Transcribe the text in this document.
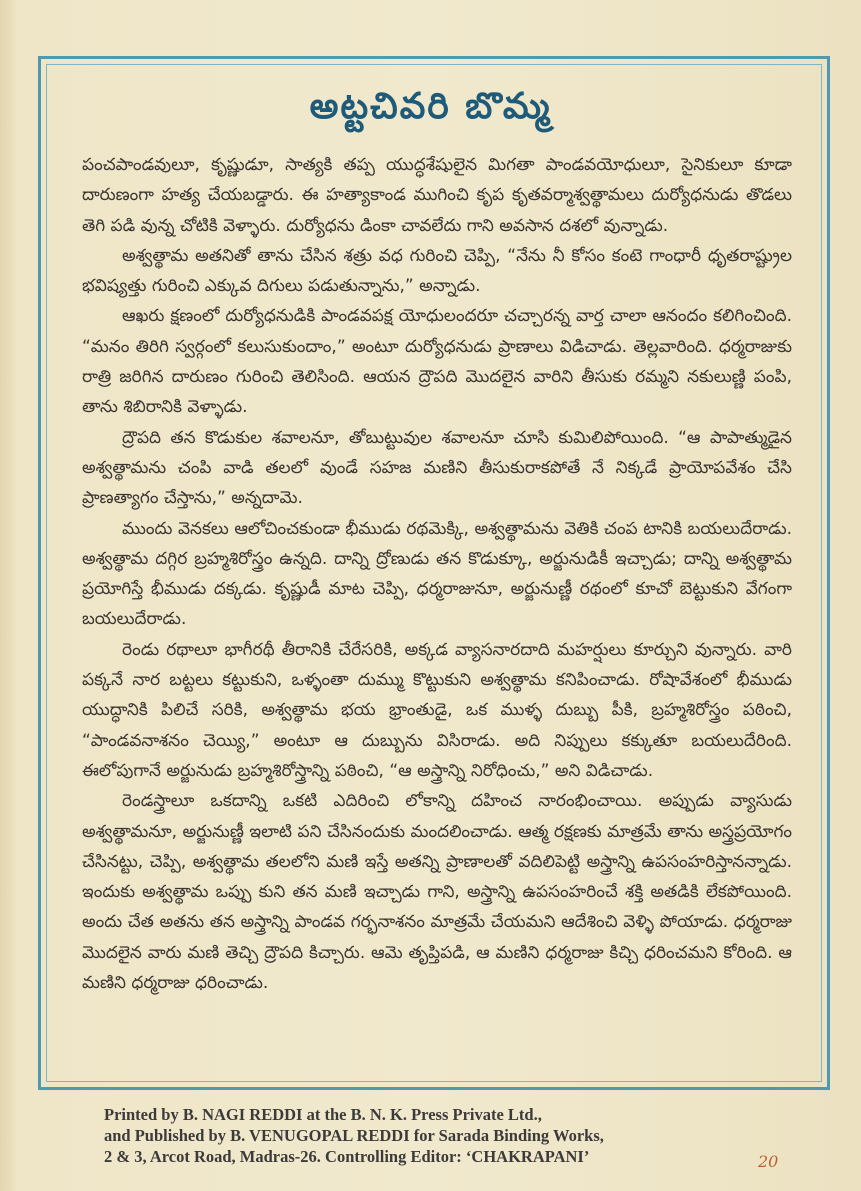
అట్టచివరి బొమ్మ

పంచపాండవులూ, కృష్ణుడూ, సాత్యకి తప్ప యుద్ధశేషులైన మిగతా పాండవయోధులూ, సైనికులూ కూడా దారుణంగా హత్య చేయబడ్డారు. ఈ హత్యాకాండ ముగించి కృప కృతవర్మాశ్వత్థామలు దుర్యోధనుడు తొడలు తెగి పడి వున్న చోటికి వెళ్ళారు. దుర్యోధను డింకా చావలేదు గాని అవసాన దశలో వున్నాడు.

అశ్వత్థామ అతనితో తాను చేసిన శత్రు వధ గురించి చెప్పి, “నేను నీ కోసం కంటె గాంధారీ ధృతరాష్ట్రుల భవిష్యత్తు గురించి ఎక్కువ దిగులు పడుతున్నాను,” అన్నాడు.

ఆఖరు క్షణంలో దుర్యోధనుడికి పాండవపక్ష యోధులందరూ చచ్చారన్న వార్త చాలా ఆనందం కలిగించింది. “మనం తిరిగి స్వర్గంలో కలుసుకుందాం,” అంటూ దుర్యోధనుడు ప్రాణాలు విడిచాడు. తెల్లవారింది. ధర్మరాజుకు రాత్రి జరిగిన దారుణం గురించి తెలిసింది. ఆయన ద్రౌపది మొదలైన వారిని తీసుకు రమ్మని నకులుణ్ణి పంపి, తాను శిబిరానికి వెళ్ళాడు.

ద్రౌపది తన కొడుకుల శవాలనూ, తోబుట్టువుల శవాలనూ చూసి కుమిలిపోయింది. “ఆ పాపాత్ముడైన అశ్వత్థామను చంపి వాడి తలలో వుండే సహజ మణిని తీసుకురాకపోతే నే నిక్కడే ప్రాయోపవేశం చేసి ప్రాణత్యాగం చేస్తాను,” అన్నదామె.

ముందు వెనకలు ఆలోచించకుండా భీముడు రథమెక్కి, అశ్వత్థామను వెతికి చంప టానికి బయలుదేరాడు. అశ్వత్థామ దగ్గిర బ్రహ్మశిరోస్త్రం ఉన్నది. దాన్ని ద్రోణుడు తన కొడుక్కూ, అర్జునుడికీ ఇచ్చాడు; దాన్ని అశ్వత్థామ ప్రయోగిస్తే భీముడు దక్కడు. కృష్ణుడీ మాట చెప్పి, ధర్మరాజునూ, అర్జునుణ్ణీ రథంలో కూచో బెట్టుకుని వేగంగా బయలుదేరాడు.

రెండు రథాలూ భాగీరథీ తీరానికి చేరేసరికి, అక్కడ వ్యాసనారదాది మహర్షులు కూర్చుని వున్నారు. వారి పక్కనే నార బట్టలు కట్టుకుని, ఒళ్ళంతా దుమ్ము కొట్టుకుని అశ్వత్థామ కనిపించాడు. రోషావేశంలో భీముడు యుద్ధానికి పిలిచే సరికి, అశ్వత్థామ భయ భ్రాంతుడై, ఒక ముళ్ళ దుబ్బు పీకి, బ్రహ్మశిరోస్త్రం పఠించి, “పాండవనాశనం చెయ్యి,” అంటూ ఆ దుబ్బును విసిరాడు. అది నిప్పులు కక్కుతూ బయలుదేరింది. ఈలోపుగానే అర్జునుడు బ్రహ్మశిరోస్త్రాన్ని పఠించి, “ఆ అస్త్రాన్ని నిరోధించు,” అని విడిచాడు.

రెండస్త్రాలూ ఒకదాన్ని ఒకటి ఎదిరించి లోకాన్ని దహించ నారంభించాయి. అప్పుడు వ్యాసుడు అశ్వత్థామనూ, అర్జునుణ్ణీ ఇలాటి పని చేసినందుకు మందలించాడు. ఆత్మ రక్షణకు మాత్రమే తాను అస్త్రప్రయోగం చేసినట్టు, చెప్పి, అశ్వత్థామ తలలోని మణి ఇస్తే అతన్ని ప్రాణాలతో వదిలిపెట్టి అస్త్రాన్ని ఉపసంహరిస్తానన్నాడు. ఇందుకు అశ్వత్థామ ఒప్పు కుని తన మణి ఇచ్చాడు గాని, అస్త్రాన్ని ఉపసంహరించే శక్తి అతడికి లేకపోయింది. అందు చేత అతను తన అస్త్రాన్ని పాండవ గర్భనాశనం మాత్రమే చేయమని ఆదేశించి వెళ్ళి పోయాడు. ధర్మరాజు మొదలైన వారు మణి తెచ్చి ద్రౌపది కిచ్చారు. ఆమె తృప్తిపడి, ఆ మణిని ధర్మరాజు కిచ్చి ధరించమని కోరింది. ఆ మణిని ధర్మరాజు ధరించాడు.

Printed by B. NAGI REDDI at the B. N. K. Press Private Ltd.,
and Published by B. VENUGOPAL REDDI for Sarada Binding Works,
2 & 3, Arcot Road, Madras-26. Controlling Editor: ‘CHAKRAPANI’	20
